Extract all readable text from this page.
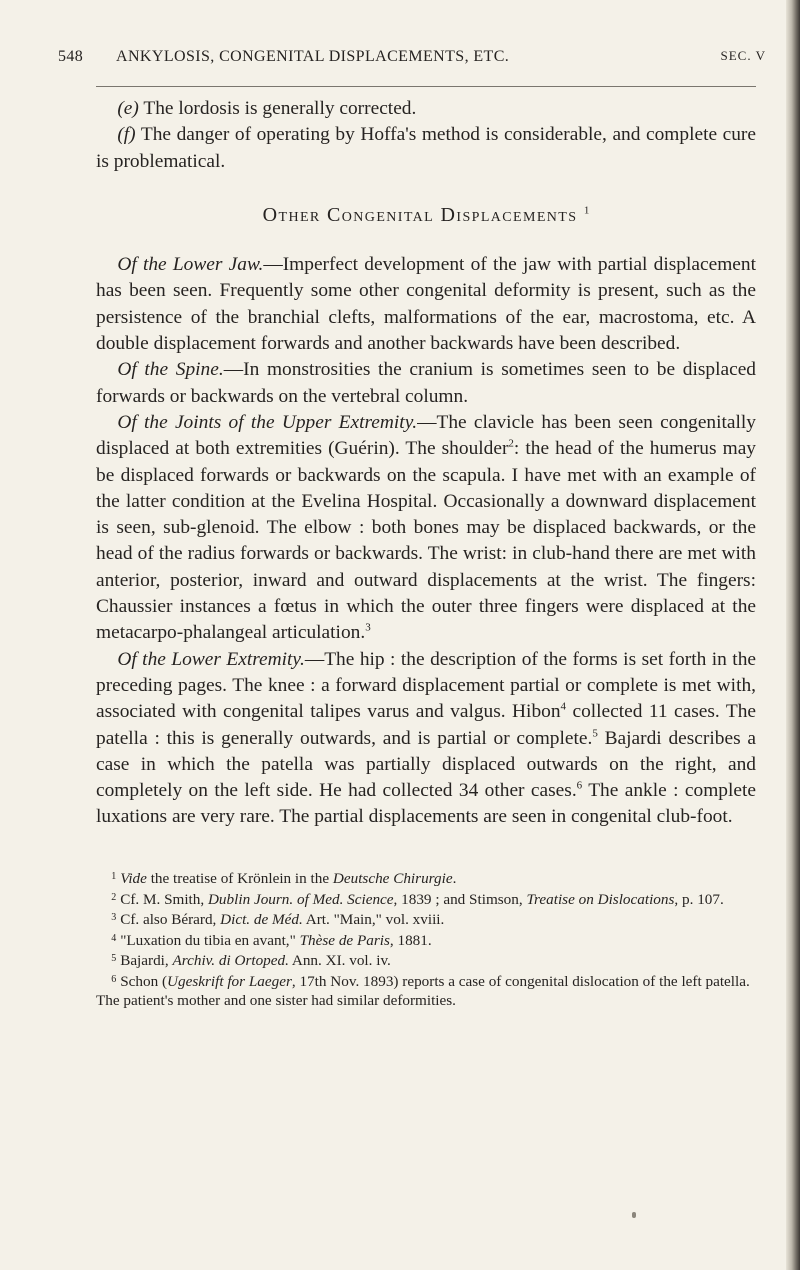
548 ANKYLOSIS, CONGENITAL DISPLACEMENTS, ETC.	SEC. V

(e) The lordosis is generally corrected.

(f) The danger of operating by Hoffa's method is considerable, and complete cure is problematical.

Other Congenital Displacements $^1$

Of the Lower Jaw.—Imperfect development of the jaw with partial displacement has been seen. Frequently some other congenital deformity is present, such as the persistence of the branchial clefts, malformations of the ear, macrostoma, etc. A double displacement forwards and another backwards have been described.

Of the Spine.—In monstrosities the cranium is sometimes seen to be displaced forwards or backwards on the vertebral column.

Of the Joints of the Upper Extremity.—The clavicle has been seen congenitally displaced at both extremities (Guérin). The shoulder$^2$: the head of the humerus may be displaced forwards or backwards on the scapula. I have met with an example of the latter condition at the Evelina Hospital. Occasionally a downward displacement is seen, sub-glenoid. The elbow : both bones may be displaced backwards, or the head of the radius forwards or backwards. The wrist: in club-hand there are met with anterior, posterior, inward and outward displacements at the wrist. The fingers: Chaussier instances a fœtus in which the outer three fingers were displaced at the metacarpo-phalangeal articulation.$^3$

Of the Lower Extremity.—The hip : the description of the forms is set forth in the preceding pages. The knee : a forward displacement partial or complete is met with, associated with congenital talipes varus and valgus. Hibon$^4$ collected 11 cases. The patella : this is generally outwards, and is partial or complete.$^5$ Bajardi describes a case in which the patella was partially displaced outwards on the right, and completely on the left side. He had collected 34 other cases.$^6$ The ankle : complete luxations are very rare. The partial displacements are seen in congenital club-foot.

$^1$ Vide the treatise of Krönlein in the Deutsche Chirurgie.

$^2$ Cf. M. Smith, Dublin Journ. of Med. Science, 1839 ; and Stimson, Treatise on Dislocations, p. 107.

$^3$ Cf. also Bérard, Dict. de Méd. Art. "Main," vol. xviii.

$^4$ "Luxation du tibia en avant," Thèse de Paris, 1881.

$^5$ Bajardi, Archiv. di Ortoped. Ann. XI. vol. iv.

$^6$ Schon (Ugeskrift for Laeger, 17th Nov. 1893) reports a case of congenital dislocation of the left patella. The patient's mother and one sister had similar deformities.
